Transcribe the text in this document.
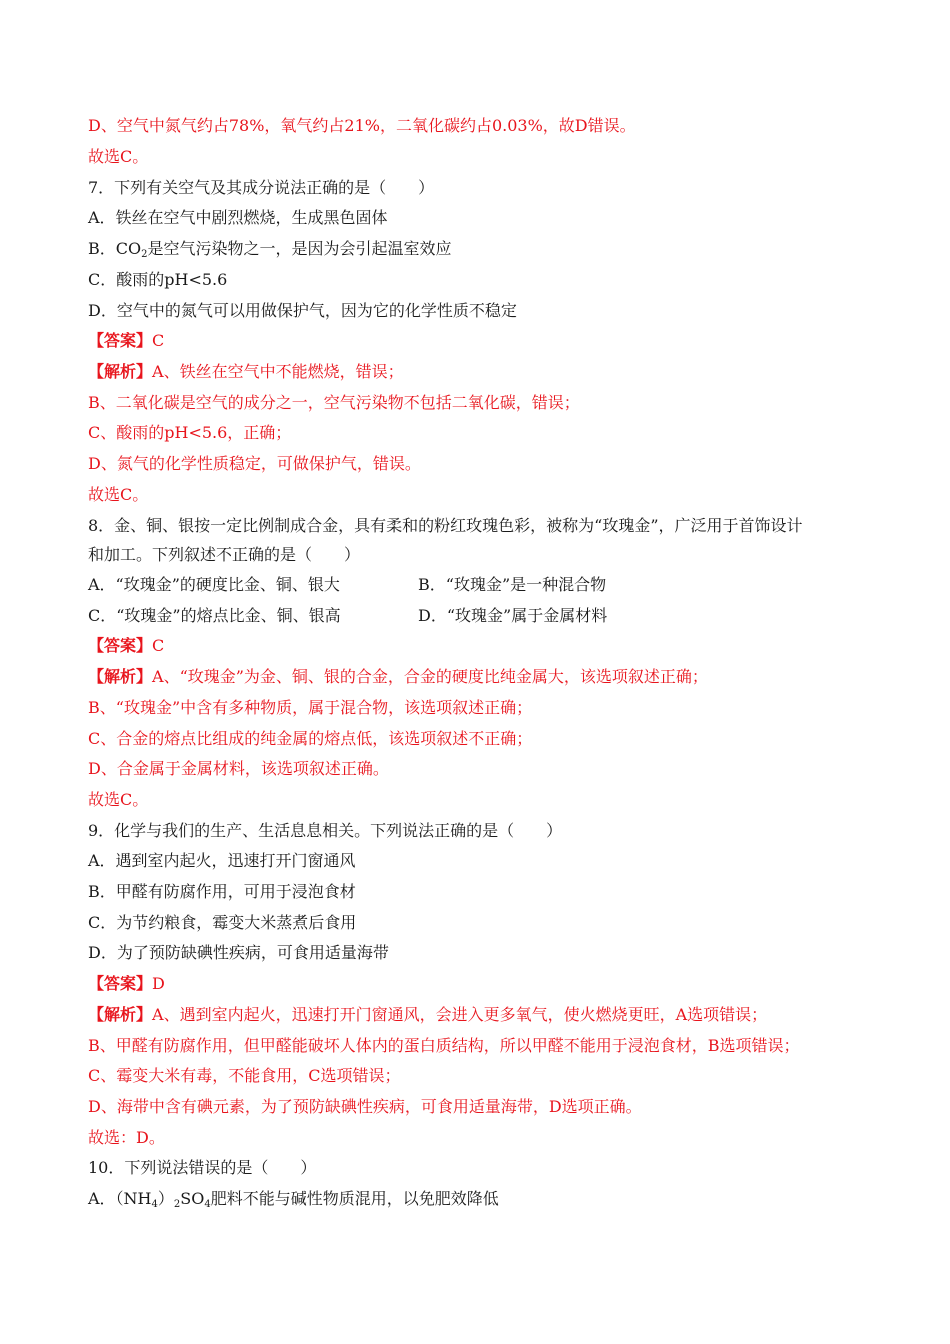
D、空气中氮气约占78%，氧气约占21%，二氧化碳约占0.03%，故D错误。
故选C。
7．下列有关空气及其成分说法正确的是（　　）
A．铁丝在空气中剧烈燃烧，生成黑色固体
B．$CO_2$是空气污染物之一，是因为会引起温室效应
C．酸雨的pH<5.6
D．空气中的氮气可以用做保护气，因为它的化学性质不稳定
【答案】C
【解析】A、铁丝在空气中不能燃烧，错误；
B、二氧化碳是空气的成分之一，空气污染物不包括二氧化碳，错误；
C、酸雨的pH<5.6，正确；
D、氮气的化学性质稳定，可做保护气，错误。
故选C。
8．金、铜、银按一定比例制成合金，具有柔和的粉红玫瑰色彩，被称为“玫瑰金”，广泛用于首饰设计
和加工。下列叙述不正确的是（　　）
A．“玫瑰金”的硬度比金、铜、银大	B．“玫瑰金”是一种混合物
C．“玫瑰金”的熔点比金、铜、银高	D．“玫瑰金”属于金属材料
【答案】C
【解析】A、“玫瑰金”为金、铜、银的合金，合金的硬度比纯金属大，该选项叙述正确；
B、“玫瑰金”中含有多种物质，属于混合物，该选项叙述正确；
C、合金的熔点比组成的纯金属的熔点低，该选项叙述不正确；
D、合金属于金属材料，该选项叙述正确。
故选C。
9．化学与我们的生产、生活息息相关。下列说法正确的是（　　）
A．遇到室内起火，迅速打开门窗通风
B．甲醛有防腐作用，可用于浸泡食材
C．为节约粮食，霉变大米蒸煮后食用
D．为了预防缺碘性疾病，可食用适量海带
【答案】D
【解析】A、遇到室内起火，迅速打开门窗通风，会进入更多氧气，使火燃烧更旺，A选项错误；
B、甲醛有防腐作用，但甲醛能破坏人体内的蛋白质结构，所以甲醛不能用于浸泡食材，B选项错误；
C、霉变大米有毒，不能食用，C选项错误；
D、海带中含有碘元素，为了预防缺碘性疾病，可食用适量海带，D选项正确。
故选：D。
10．下列说法错误的是（　　）
A．$(NH_4)_2SO_4$肥料不能与碱性物质混用，以免肥效降低
